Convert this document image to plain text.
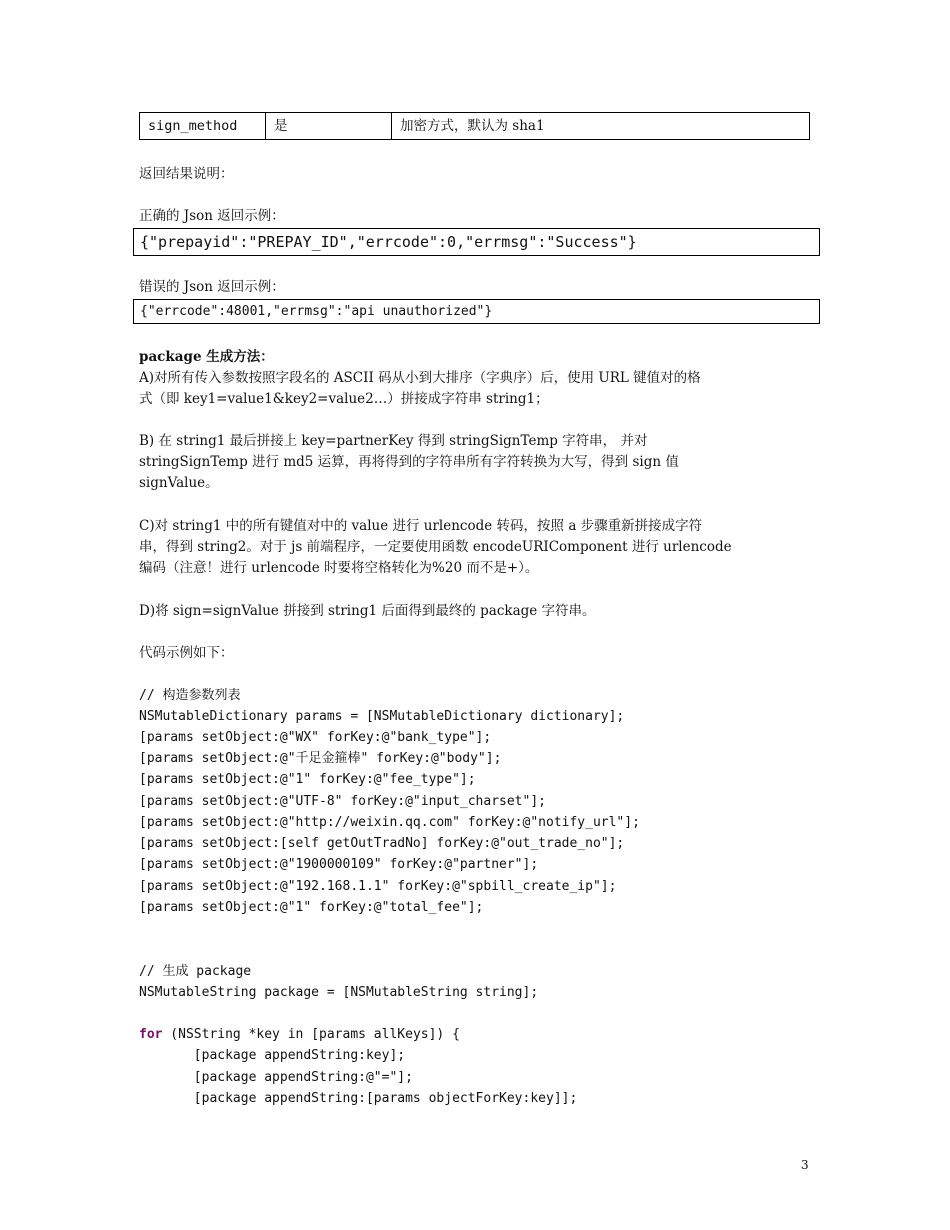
sign_method	是	加密方式，默认为 sha1
返回结果说明：
正确的 Json 返回示例：
{"prepayid":"PREPAY_ID","errcode":0,"errmsg":"Success"}
错误的 Json 返回示例：
{"errcode":48001,"errmsg":"api unauthorized"}
package 生成方法：
A)对所有传入参数按照字段名的 ASCII 码从小到大排序（字典序）后，使用 URL 键值对的格
式（即 key1=value1&key2=value2…）拼接成字符串 string1；
B) 在 string1 最后拼接上 key=partnerKey 得到 stringSignTemp 字符串， 并对
stringSignTemp 进行 md5 运算，再将得到的字符串所有字符转换为大写，得到 sign 值
signValue。
C)对 string1 中的所有键值对中的 value 进行 urlencode 转码，按照 a 步骤重新拼接成字符
串，得到 string2。对于 js 前端程序，一定要使用函数 encodeURIComponent 进行 urlencode
编码（注意！进行 urlencode 时要将空格转化为%20 而不是+）。
D)将 sign=signValue 拼接到 string1 后面得到最终的 package 字符串。
代码示例如下：
// 构造参数列表
NSMutableDictionary params = [NSMutableDictionary dictionary];
[params setObject:@"WX" forKey:@"bank_type"];
[params setObject:@"千足金箍棒" forKey:@"body"];
[params setObject:@"1" forKey:@"fee_type"];
[params setObject:@"UTF-8" forKey:@"input_charset"];
[params setObject:@"http://weixin.qq.com" forKey:@"notify_url"];
[params setObject:[self getOutTradNo] forKey:@"out_trade_no"];
[params setObject:@"1900000109" forKey:@"partner"];
[params setObject:@"192.168.1.1" forKey:@"spbill_create_ip"];
[params setObject:@"1" forKey:@"total_fee"];
// 生成 package
NSMutableString package = [NSMutableString string];
for (NSString *key in [params allKeys]) {
[package appendString:key];
[package appendString:@"="];
[package appendString:[params objectForKey:key]];
3
